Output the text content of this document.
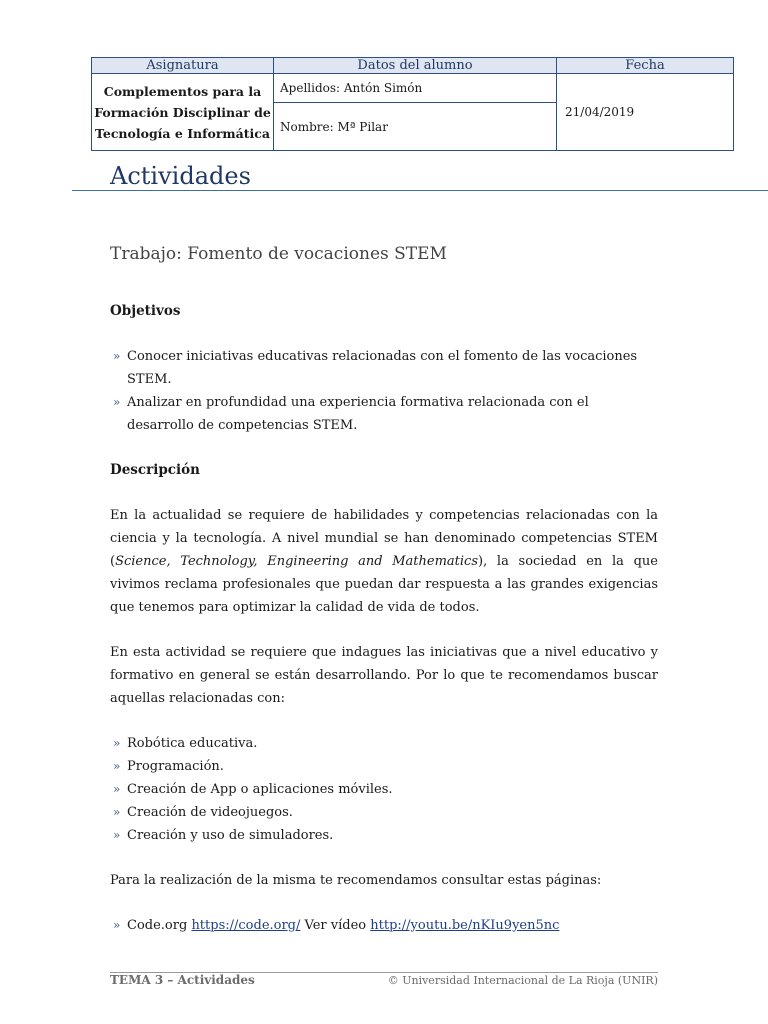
Asignatura	Datos del alumno	Fecha
Complementos para la Formación Disciplinar de Tecnología e Informática	Apellidos: Antón Simón	21/04/2019
	Nombre: Mª Pilar	
Actividades
Trabajo: Fomento de vocaciones STEM
Objetivos
» Conocer iniciativas educativas relacionadas con el fomento de las vocaciones STEM.
» Analizar en profundidad una experiencia formativa relacionada con el desarrollo de competencias STEM.
Descripción

En la actualidad se requiere de habilidades y competencias relacionadas con la ciencia y la tecnología. A nivel mundial se han denominado competencias STEM (Science, Technology, Engineering and Mathematics), la sociedad en la que vivimos reclama profesionales que puedan dar respuesta a las grandes exigencias que tenemos para optimizar la calidad de vida de todos.

En esta actividad se requiere que indagues las iniciativas que a nivel educativo y formativo en general se están desarrollando. Por lo que te recomendamos buscar aquellas relacionadas con:

» Robótica educativa.
» Programación.
» Creación de App o aplicaciones móviles.
» Creación de videojuegos.
» Creación y uso de simuladores.

Para la realización de la misma te recomendamos consultar estas páginas:

» Code.org https://code.org/ Ver vídeo http://youtu.be/nKIu9yen5nc
TEMA 3 – Actividades	© Universidad Internacional de La Rioja (UNIR)
